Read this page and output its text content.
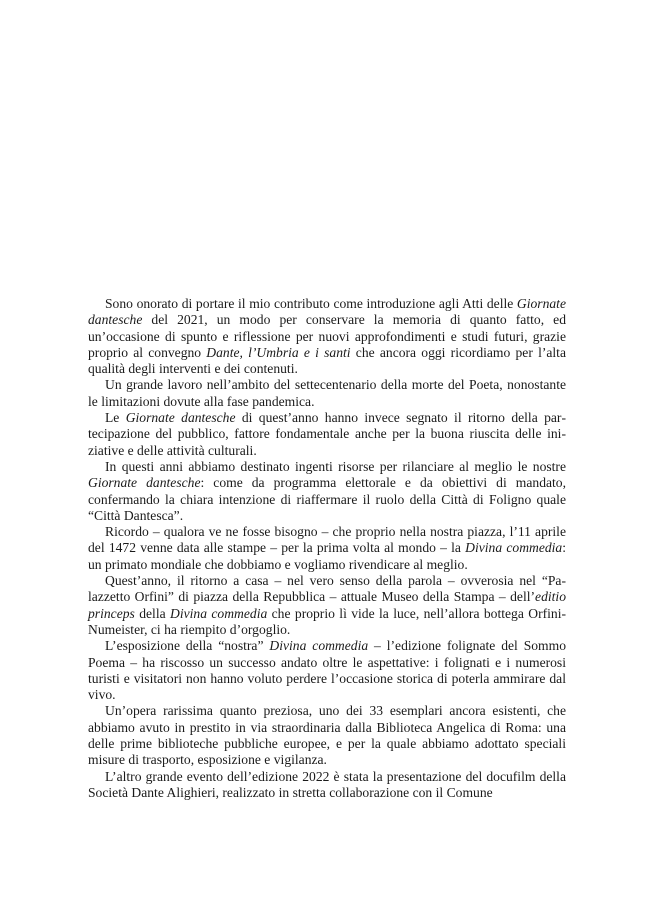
Sono onorato di portare il mio contributo come introduzione agli Atti delle Giornate dantesche del 2021, un modo per conservare la memoria di quanto fatto, ed un’occasione di spunto e riflessione per nuovi approfondimenti e studi futuri, grazie proprio al convegno Dante, l’Umbria e i santi che ancora oggi ricordiamo per l’alta qualità degli interventi e dei contenuti.

Un grande lavoro nell’ambito del settecentenario della morte del Poeta, nonostante le limitazioni dovute alla fase pandemica.

Le Giornate dantesche di quest’anno hanno invece segnato il ritorno della partecipazione del pubblico, fattore fondamentale anche per la buona riuscita delle iniziative e delle attività culturali.

In questi anni abbiamo destinato ingenti risorse per rilanciare al meglio le nostre Giornate dantesche: come da programma elettorale e da obiettivi di mandato, confermando la chiara intenzione di riaffermare il ruolo della Città di Foligno quale “Città Dantesca”.

Ricordo – qualora ve ne fosse bisogno – che proprio nella nostra piazza, l’11 aprile del 1472 venne data alle stampe – per la prima volta al mondo – la Divina commedia: un primato mondiale che dobbiamo e vogliamo rivendicare al meglio.

Quest’anno, il ritorno a casa – nel vero senso della parola – ovverosia nel “Palazzetto Orfini” di piazza della Repubblica – attuale Museo della Stampa – dell’editio princeps della Divina commedia che proprio lì vide la luce, nell’allora bottega Orfini-Numeister, ci ha riempito d’orgoglio.

L’esposizione della “nostra” Divina commedia – l’edizione folignate del Sommo Poema – ha riscosso un successo andato oltre le aspettative: i folignati e i numerosi turisti e visitatori non hanno voluto perdere l’occasione storica di poterla ammirare dal vivo.

Un’opera rarissima quanto preziosa, uno dei 33 esemplari ancora esistenti, che abbiamo avuto in prestito in via straordinaria dalla Biblioteca Angelica di Roma: una delle prime biblioteche pubbliche europee, e per la quale abbiamo adottato speciali misure di trasporto, esposizione e vigilanza.

L’altro grande evento dell’edizione 2022 è stata la presentazione del docufilm della Società Dante Alighieri, realizzato in stretta collaborazione con il Comune
